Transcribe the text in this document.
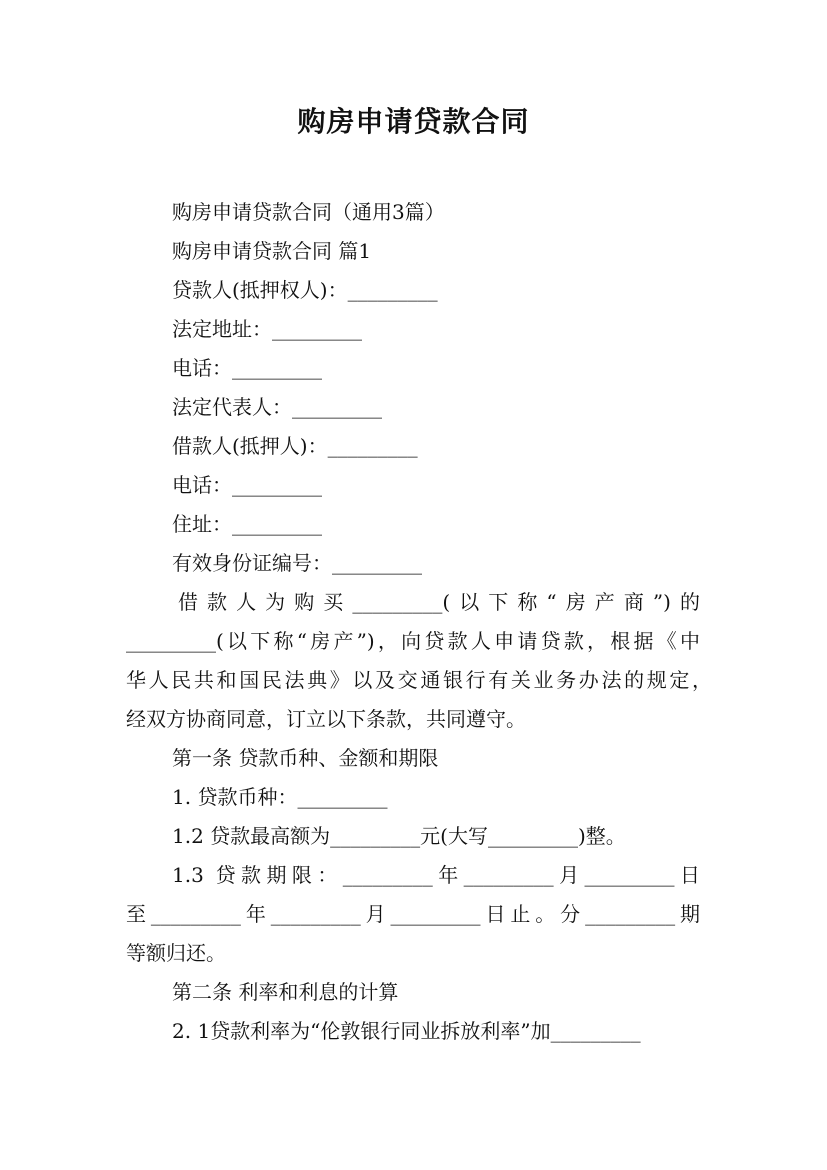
购房申请贷款合同
购房申请贷款合同（通用3篇）
购房申请贷款合同 篇1
贷款人(抵押权人)：_________
法定地址：_________
电话：_________
法定代表人：_________
借款人(抵押人)：_________
电话：_________
住址：_________
有效身份证编号：_________
借款人为购买_________(以下称“房产商”)的
_________(以下称“房产”)，向贷款人申请贷款，根据《中
华人民共和国民法典》以及交通银行有关业务办法的规定，
经双方协商同意，订立以下条款，共同遵守。
第一条 贷款币种、金额和期限
1. 贷款币种：_________
1.2 贷款最高额为_________元(大写_________)整。
1.3 贷款期限：_________年_________月_________日
至_________年_________月_________日止。分_________期
等额归还。
第二条 利率和利息的计算
2. 1贷款利率为“伦敦银行同业拆放利率”加_________
